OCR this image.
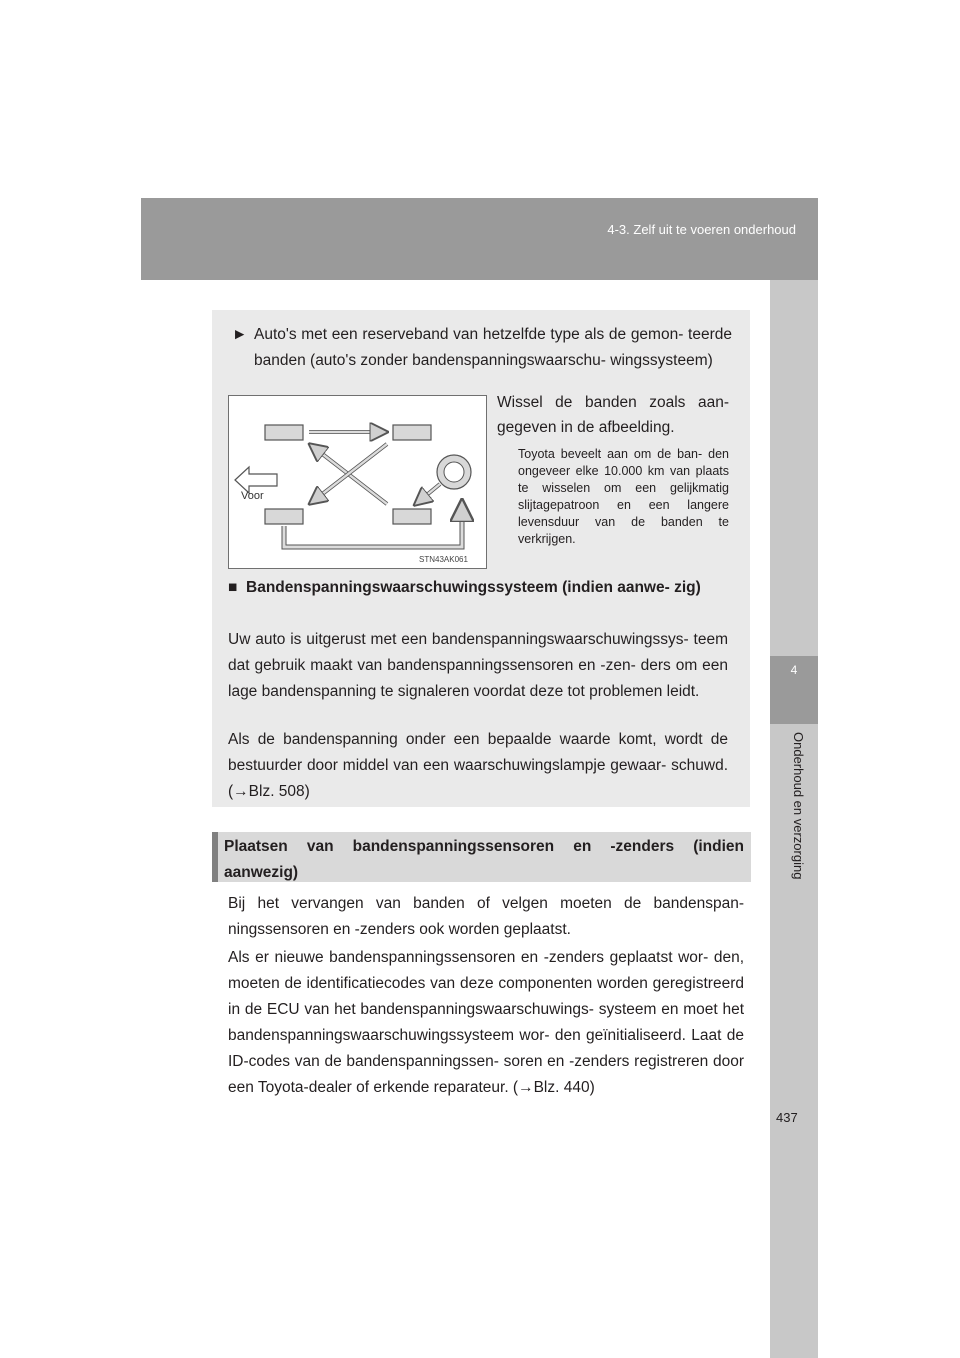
4-3. Zelf uit te voeren onderhoud
4
Onderhoud en verzorging
► Auto's met een reserveband van hetzelfde type als de gemon- teerde banden (auto's zonder bandenspanningswaarschu- wingssysteem)
Voor
STN43AK061
Wissel de banden zoals aan- gegeven in de afbeelding.
Toyota beveelt aan om de ban- den ongeveer elke 10.000 km van plaats te wisselen om een gelijkmatig slijtagepatroon en een langere levensduur van de banden te verkrijgen.
■ Bandenspanningswaarschuwingssysteem (indien aanwe- zig)
Uw auto is uitgerust met een bandenspanningswaarschuwingssys- teem dat gebruik maakt van bandenspanningssensoren en -zen- ders om een lage bandenspanning te signaleren voordat deze tot problemen leidt.
Als de bandenspanning onder een bepaalde waarde komt, wordt de bestuurder door middel van een waarschuwingslampje gewaar- schuwd. (→Blz. 508)
Plaatsen van bandenspanningssensoren en -zenders (indien aanwezig)
Bij het vervangen van banden of velgen moeten de bandenspan- ningssensoren en -zenders ook worden geplaatst.
Als er nieuwe bandenspanningssensoren en -zenders geplaatst wor- den, moeten de identificatiecodes van deze componenten worden geregistreerd in de ECU van het bandenspanningswaarschuwings- systeem en moet het bandenspanningswaarschuwingssysteem wor- den geïnitialiseerd. Laat de ID-codes van de bandenspanningssen- soren en -zenders registreren door een Toyota-dealer of erkende reparateur. (→Blz. 440)
437
